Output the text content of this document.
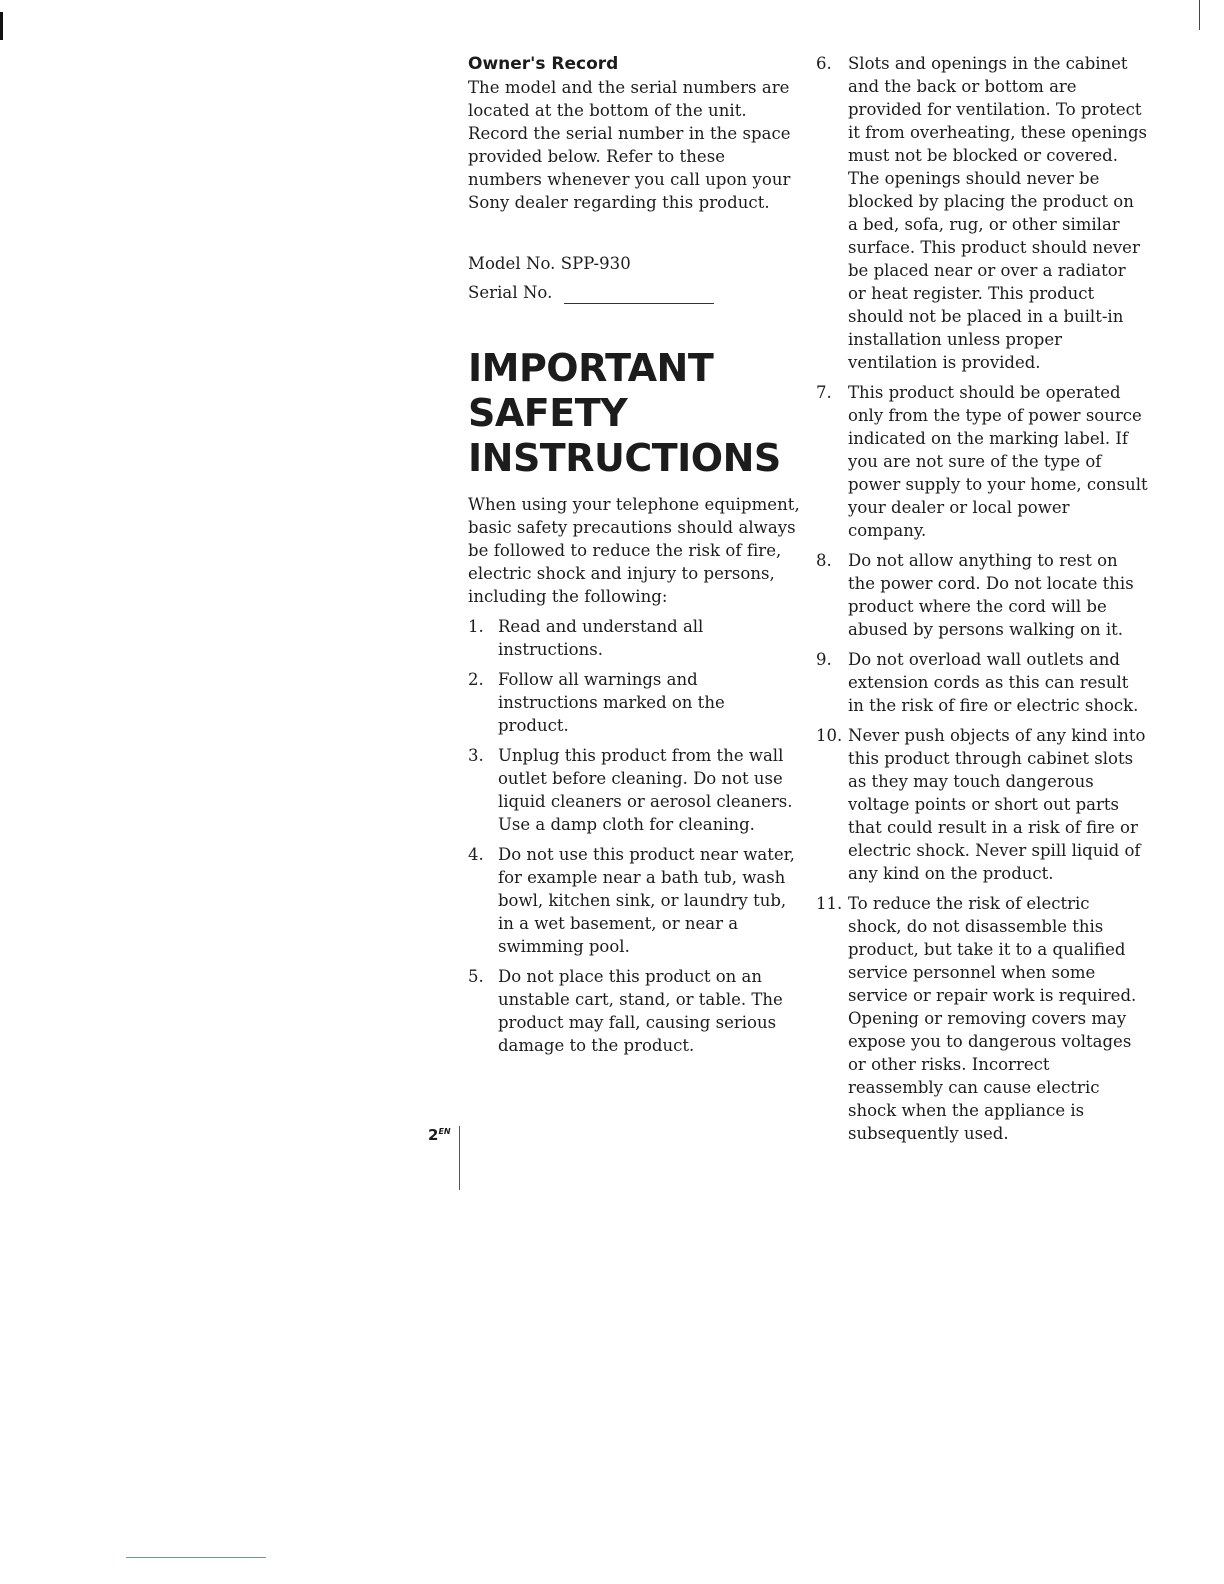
Owner's Record

The model and the serial numbers are located at the bottom of the unit. Record the serial number in the space provided below. Refer to these numbers whenever you call upon your Sony dealer regarding this product.

Model No. SPP-930

Serial No.
IMPORTANT
SAFETY
INSTRUCTIONS

When using your telephone equipment, basic safety precautions should always be followed to reduce the risk of fire, electric shock and injury to persons, including the following:

1. Read and understand all instructions.
2. Follow all warnings and instructions marked on the product.
3. Unplug this product from the wall outlet before cleaning. Do not use liquid cleaners or aerosol cleaners. Use a damp cloth for cleaning.
4. Do not use this product near water, for example near a bath tub, wash bowl, kitchen sink, or laundry tub, in a wet basement, or near a swimming pool.
5. Do not place this product on an unstable cart, stand, or table. The product may fall, causing serious damage to the product.
6. Slots and openings in the cabinet and the back or bottom are provided for ventilation. To protect it from overheating, these openings must not be blocked or covered. The openings should never be blocked by placing the product on a bed, sofa, rug, or other similar surface. This product should never be placed near or over a radiator or heat register. This product should not be placed in a built-in installation unless proper ventilation is provided.
7. This product should be operated only from the type of power source indicated on the marking label. If you are not sure of the type of power supply to your home, consult your dealer or local power company.
8. Do not allow anything to rest on the power cord. Do not locate this product where the cord will be abused by persons walking on it.
9. Do not overload wall outlets and extension cords as this can result in the risk of fire or electric shock.
10. Never push objects of any kind into this product through cabinet slots as they may touch dangerous voltage points or short out parts that could result in a risk of fire or electric shock. Never spill liquid of any kind on the product.
11. To reduce the risk of electric shock, do not disassemble this product, but take it to a qualified service personnel when some service or repair work is required. Opening or removing covers may expose you to dangerous voltages or other risks. Incorrect reassembly can cause electric shock when the appliance is subsequently used.
$2^{EN}$
